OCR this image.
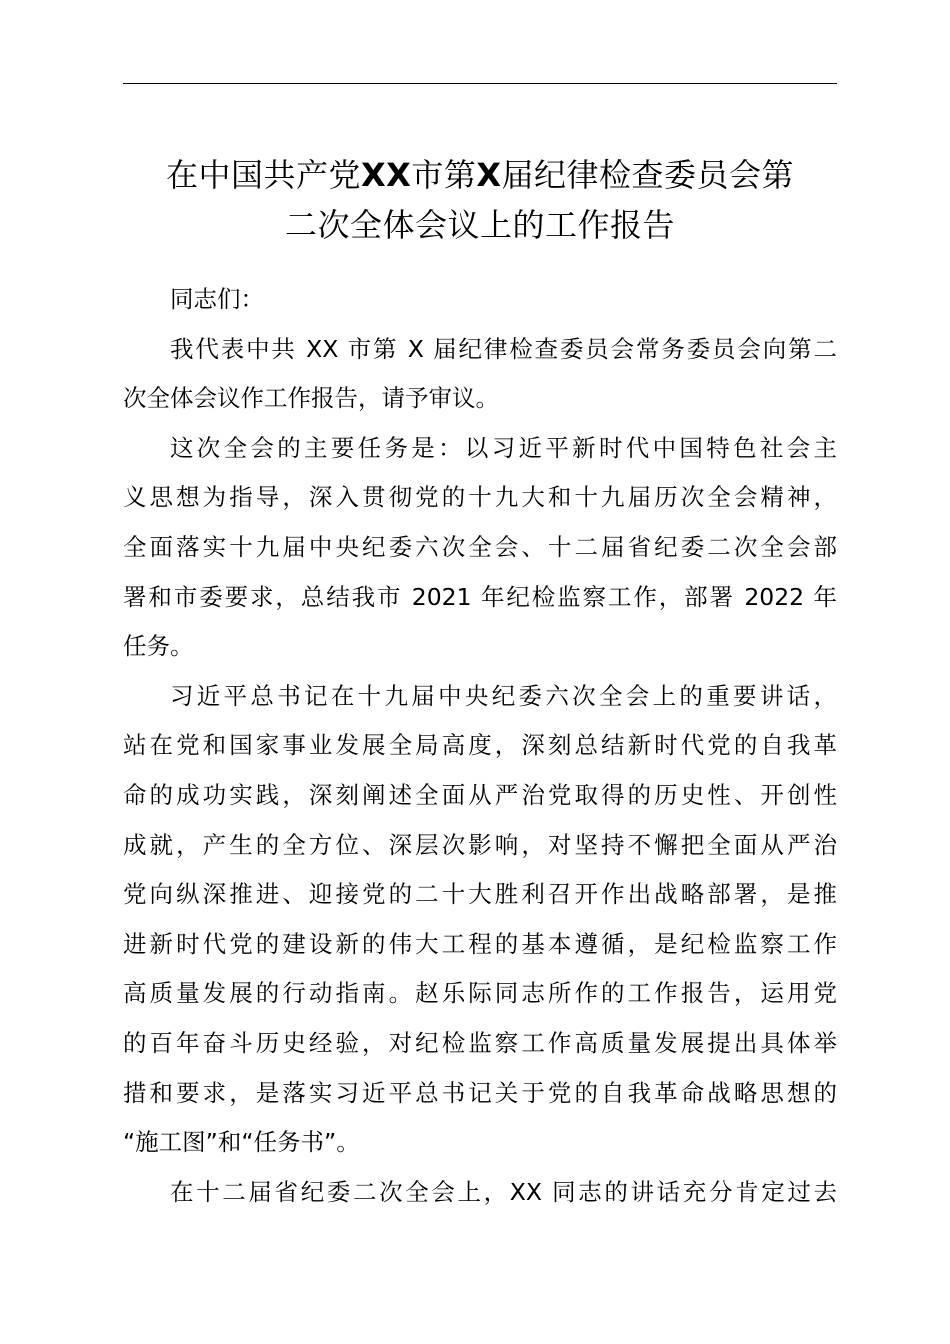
在中国共产党XX市第X届纪律检查委员会第
二次全体会议上的工作报告
同志们：
我代表中共 XX 市第 X 届纪律检查委员会常务委员会向第二
次全体会议作工作报告，请予审议。
这次全会的主要任务是：以习近平新时代中国特色社会主
义思想为指导，深入贯彻党的十九大和十九届历次全会精神，
全面落实十九届中央纪委六次全会、十二届省纪委二次全会部
署和市委要求，总结我市 2021 年纪检监察工作，部署 2022 年
任务。
习近平总书记在十九届中央纪委六次全会上的重要讲话，
站在党和国家事业发展全局高度，深刻总结新时代党的自我革
命的成功实践，深刻阐述全面从严治党取得的历史性、开创性
成就，产生的全方位、深层次影响，对坚持不懈把全面从严治
党向纵深推进、迎接党的二十大胜利召开作出战略部署，是推
进新时代党的建设新的伟大工程的基本遵循，是纪检监察工作
高质量发展的行动指南。赵乐际同志所作的工作报告，运用党
的百年奋斗历史经验，对纪检监察工作高质量发展提出具体举
措和要求，是落实习近平总书记关于党的自我革命战略思想的
“施工图”和“任务书”。
在十二届省纪委二次全会上，XX 同志的讲话充分肯定过去
